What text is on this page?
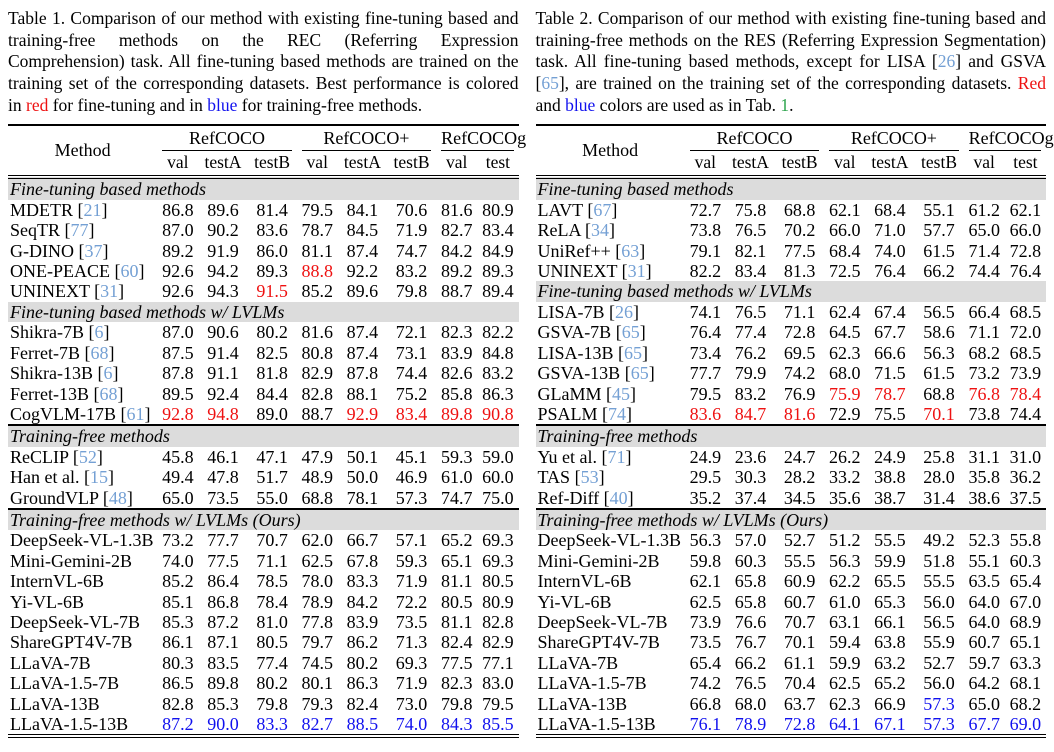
Table 1. Comparison of our method with existing fine-tuning based and training-free methods on the REC (Referring Expression Comprehension) task. All fine-tuning based methods are trained on the training set of the corresponding datasets. Best performance is colored in red for fine-tuning and in blue for training-free methods.

Method	RefCOCO			RefCOCO+			RefCOCOg	

	val	testA	testB	val	testA	testB	val	test
Fine-tuning based methods								
MDETR [21]	86.8	89.6	81.4	79.5	84.1	70.6	81.6	80.9
SeqTR [77]	87.0	90.2	83.6	78.7	84.5	71.9	82.7	83.4
G-DINO [37]	89.2	91.9	86.0	81.1	87.4	74.7	84.2	84.9
ONE-PEACE [60]	92.6	94.2	89.3	88.8	92.2	83.2	89.2	89.3
UNINEXT [31]	92.6	94.3	91.5	85.2	89.6	79.8	88.7	89.4
Fine-tuning based methods w/ LVLMs								
Shikra-7B [6]	87.0	90.6	80.2	81.6	87.4	72.1	82.3	82.2
Ferret-7B [68]	87.5	91.4	82.5	80.8	87.4	73.1	83.9	84.8
Shikra-13B [6]	87.8	91.1	81.8	82.9	87.8	74.4	82.6	83.2
Ferret-13B [68]	89.5	92.4	84.4	82.8	88.1	75.2	85.8	86.3
CogVLM-17B [61]	92.8	94.8	89.0	88.7	92.9	83.4	89.8	90.8
Training-free methods								
ReCLIP [52]	45.8	46.1	47.1	47.9	50.1	45.1	59.3	59.0
Han et al. [15]	49.4	47.8	51.7	48.9	50.0	46.9	61.0	60.0
GroundVLP [48]	65.0	73.5	55.0	68.8	78.1	57.3	74.7	75.0
Training-free methods w/ LVLMs (Ours)								
DeepSeek-VL-1.3B	73.2	77.7	70.7	62.0	66.7	57.1	65.2	69.3
Mini-Gemini-2B	74.0	77.5	71.1	62.5	67.8	59.3	65.1	69.3
InternVL-6B	85.2	86.4	78.5	78.0	83.3	71.9	81.1	80.5
Yi-VL-6B	85.1	86.8	78.4	78.9	84.2	72.2	80.5	80.9
DeepSeek-VL-7B	85.3	87.2	81.0	77.8	83.9	73.5	81.1	82.8
ShareGPT4V-7B	86.1	87.1	80.5	79.7	86.2	71.3	82.4	82.9
LLaVA-7B	80.3	83.5	77.4	74.5	80.2	69.3	77.5	77.1
LLaVA-1.5-7B	86.5	89.8	80.2	80.1	86.3	71.9	82.3	83.0
LLaVA-13B	82.8	85.3	79.8	79.3	82.4	73.0	79.8	79.5
LLaVA-1.5-13B	87.2	90.0	83.3	82.7	88.5	74.0	84.3	85.5

Table 2. Comparison of our method with existing fine-tuning based and training-free methods on the RES (Referring Expression Segmentation) task. All fine-tuning based methods, except for LISA [26] and GSVA [65], are trained on the training set of the corresponding datasets. Red and blue colors are used as in Tab. 1.

Method	RefCOCO			RefCOCO+			RefCOCOg	

	val	testA	testB	val	testA	testB	val	test
Fine-tuning based methods								
LAVT [67]	72.7	75.8	68.8	62.1	68.4	55.1	61.2	62.1
ReLA [34]	73.8	76.5	70.2	66.0	71.0	57.7	65.0	66.0
UniRef++ [63]	79.1	82.1	77.5	68.4	74.0	61.5	71.4	72.8
UNINEXT [31]	82.2	83.4	81.3	72.5	76.4	66.2	74.4	76.4
Fine-tuning based methods w/ LVLMs								
LISA-7B [26]	74.1	76.5	71.1	62.4	67.4	56.5	66.4	68.5
GSVA-7B [65]	76.4	77.4	72.8	64.5	67.7	58.6	71.1	72.0
LISA-13B [65]	73.4	76.2	69.5	62.3	66.6	56.3	68.2	68.5
GSVA-13B [65]	77.7	79.9	74.2	68.0	71.5	61.5	73.2	73.9
GLaMM [45]	79.5	83.2	76.9	75.9	78.7	68.8	76.8	78.4
PSALM [74]	83.6	84.7	81.6	72.9	75.5	70.1	73.8	74.4
Training-free methods								
Yu et al. [71]	24.9	23.6	24.7	26.2	24.9	25.8	31.1	31.0
TAS [53]	29.5	30.3	28.2	33.2	38.8	28.0	35.8	36.2
Ref-Diff [40]	35.2	37.4	34.5	35.6	38.7	31.4	38.6	37.5
Training-free methods w/ LVLMs (Ours)								
DeepSeek-VL-1.3B	56.3	57.0	52.7	51.2	55.5	49.2	52.3	55.8
Mini-Gemini-2B	59.8	60.3	55.5	56.3	59.9	51.8	55.1	60.3
InternVL-6B	62.1	65.8	60.9	62.2	65.5	55.5	63.5	65.4
Yi-VL-6B	62.5	65.8	60.7	61.0	65.3	56.0	64.0	67.0
DeepSeek-VL-7B	73.9	76.6	70.7	63.1	66.1	56.5	64.0	68.9
ShareGPT4V-7B	73.5	76.7	70.1	59.4	63.8	55.9	60.7	65.1
LLaVA-7B	65.4	66.2	61.1	59.9	63.2	52.7	59.7	63.3
LLaVA-1.5-7B	74.2	76.5	70.4	62.5	65.2	56.0	64.2	68.1
LLaVA-13B	66.8	68.0	63.7	62.3	66.9	57.3	65.0	68.2
LLaVA-1.5-13B	76.1	78.9	72.8	64.1	67.1	57.3	67.7	69.0
